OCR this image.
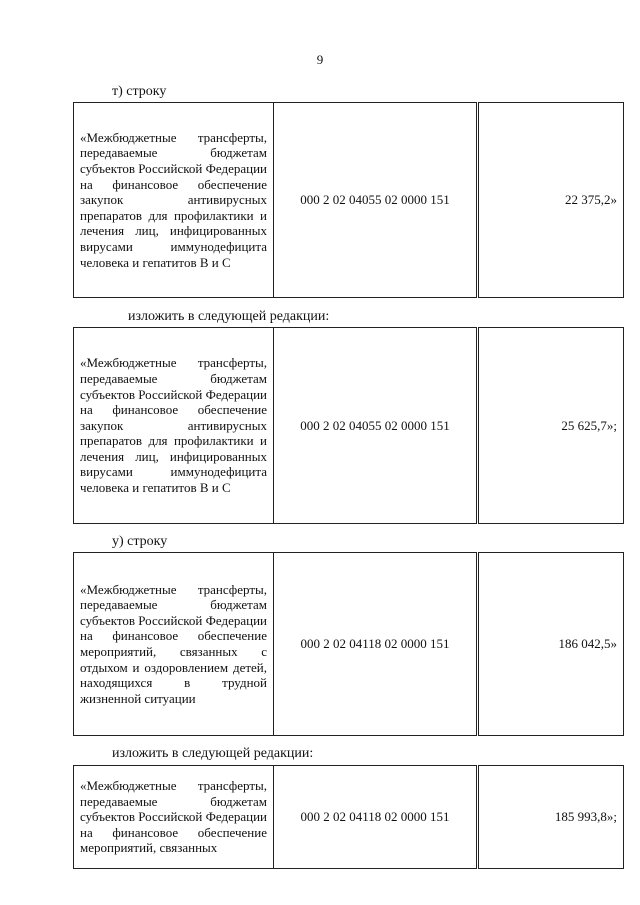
9
т) строку
«Межбюджетные трансферты, передаваемые бюджетам субъектов Российской Федерации на финансовое обеспечение закупок антивирусных препаратов для профилактики и лечения лиц, инфицированных вирусами иммунодефицита человека и гепатитов В и С	000 2 02 04055 02 0000 151	22 375,2»
изложить в следующей редакции:
«Межбюджетные трансферты, передаваемые бюджетам субъектов Российской Федерации на финансовое обеспечение закупок антивирусных препаратов для профилактики и лечения лиц, инфицированных вирусами иммунодефицита человека и гепатитов В и С	000 2 02 04055 02 0000 151	25 625,7»;
у) строку
«Межбюджетные трансферты, передаваемые бюджетам субъектов Российской Федерации на финансовое обеспечение мероприятий, связанных с отдыхом и оздоровлением детей, находящихся в трудной жизненной ситуации	000 2 02 04118 02 0000 151	186 042,5»
изложить в следующей редакции:
«Межбюджетные трансферты, передаваемые бюджетам субъектов Российской Федерации на финансовое обеспечение мероприятий, связанных	000 2 02 04118 02 0000 151	185 993,8»;
